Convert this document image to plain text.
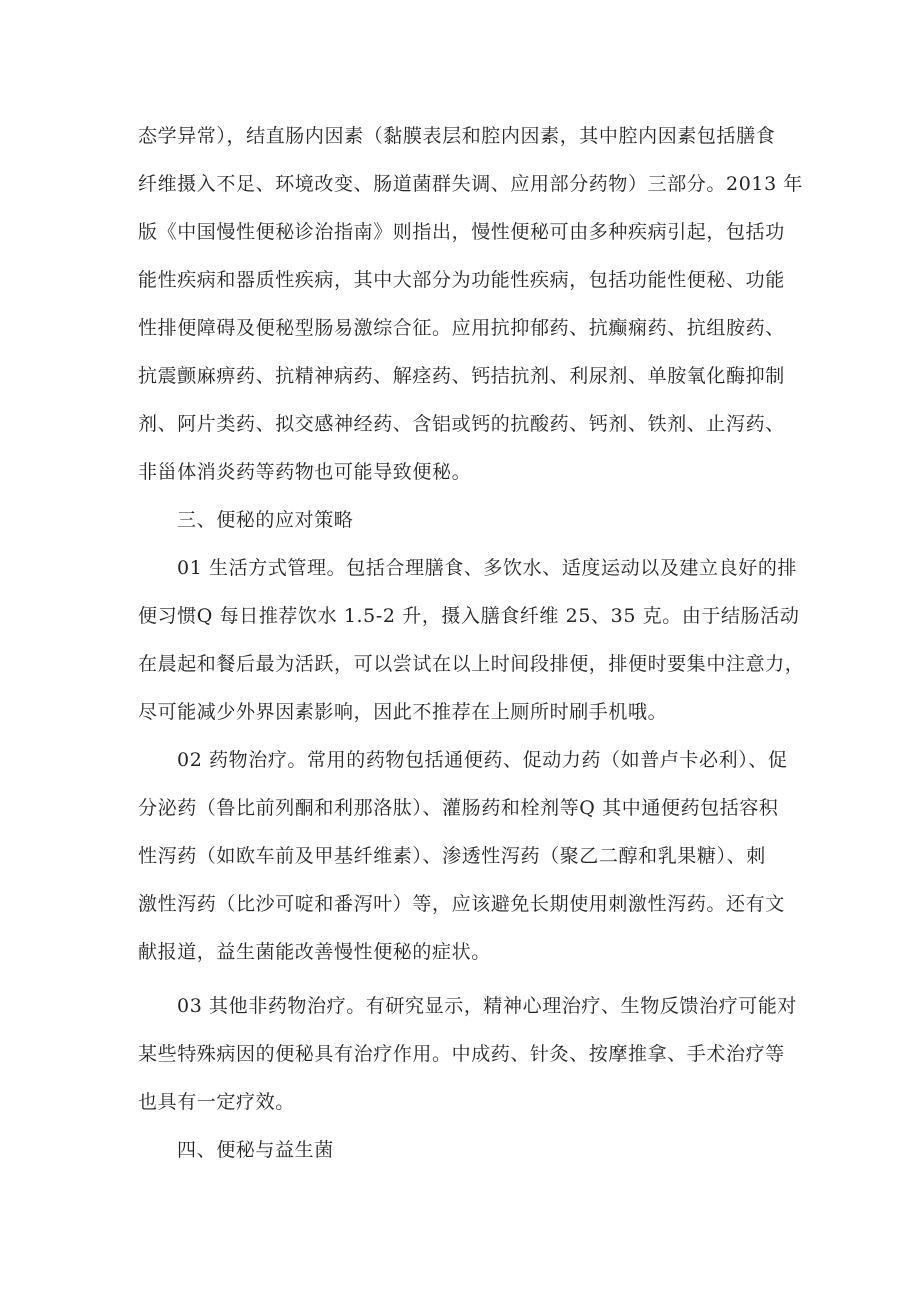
态学异常），结直肠内因素（黏膜表层和腔内因素，其中腔内因素包括膳食
纤维摄入不足、环境改变、肠道菌群失调、应用部分药物）三部分。2013 年
版《中国慢性便秘诊治指南》则指出，慢性便秘可由多种疾病引起，包括功
能性疾病和器质性疾病，其中大部分为功能性疾病，包括功能性便秘、功能
性排便障碍及便秘型肠易激综合征。应用抗抑郁药、抗癫痫药、抗组胺药、
抗震颤麻痹药、抗精神病药、解痉药、钙拮抗剂、利尿剂、单胺氧化酶抑制
剂、阿片类药、拟交感神经药、含铝或钙的抗酸药、钙剂、铁剂、止泻药、
非甾体消炎药等药物也可能导致便秘。
三、便秘的应对策略
01 生活方式管理。包括合理膳食、多饮水、适度运动以及建立良好的排
便习惯Q 每日推荐饮水 1.5-2 升，摄入膳食纤维 25、35 克。由于结肠活动
在晨起和餐后最为活跃，可以尝试在以上时间段排便，排便时要集中注意力，
尽可能减少外界因素影响，因此不推荐在上厕所时刷手机哦。
02 药物治疗。常用的药物包括通便药、促动力药（如普卢卡必利）、促
分泌药（鲁比前列酮和利那洛肽）、灌肠药和栓剂等Q 其中通便药包括容积
性泻药（如欧车前及甲基纤维素）、渗透性泻药（聚乙二醇和乳果糖）、刺
激性泻药（比沙可啶和番泻叶）等，应该避免长期使用刺激性泻药。还有文
献报道，益生菌能改善慢性便秘的症状。
03 其他非药物治疗。有研究显示，精神心理治疗、生物反馈治疗可能对
某些特殊病因的便秘具有治疗作用。中成药、针灸、按摩推拿、手术治疗等
也具有一定疗效。
四、便秘与益生菌
